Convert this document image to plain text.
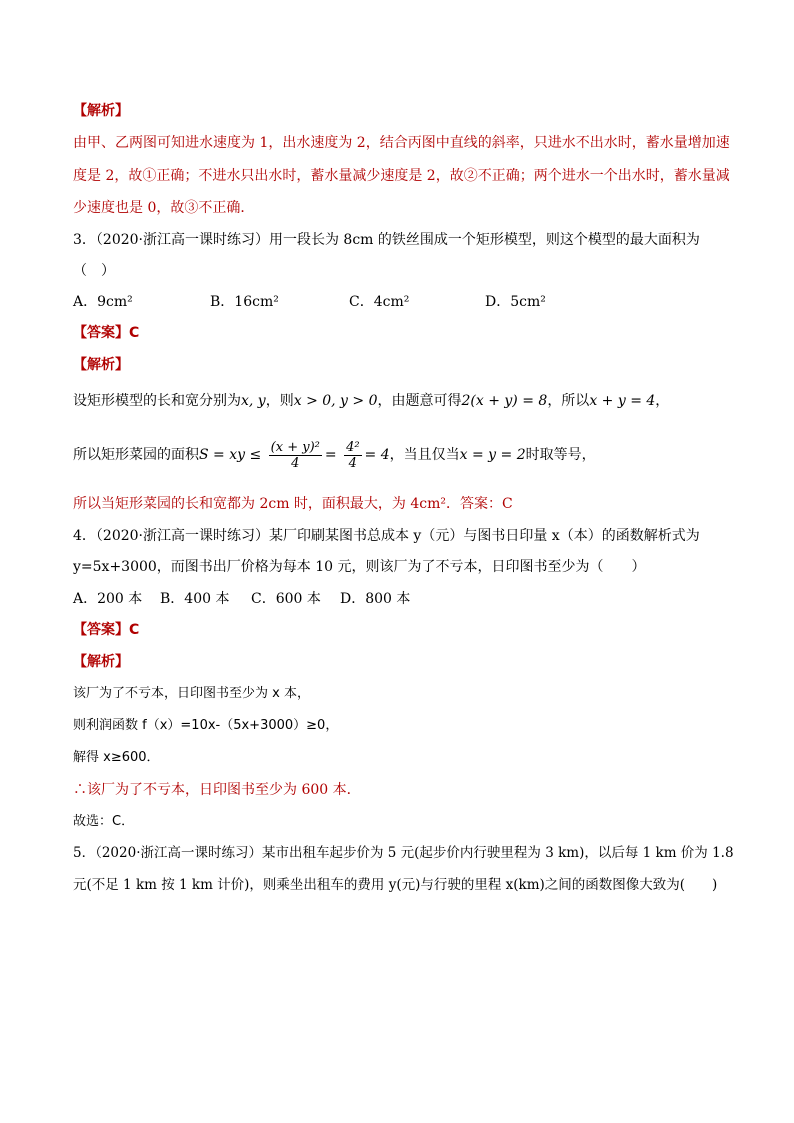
【解析】
由甲、乙两图可知进水速度为 1，出水速度为 2，结合丙图中直线的斜率，只进水不出水时，蓄水量增加速
度是 2，故①正确；不进水只出水时，蓄水量减少速度是 2，故②不正确；两个进水一个出水时，蓄水量减
少速度也是 0，故③不正确．
3．（2020·浙江高一课时练习）用一段长为 8cm 的铁丝围成一个矩形模型，则这个模型的最大面积为
（　）
A．9cm²	B．16cm²	C．4cm²	D．5cm²
【答案】C
【解析】
设矩形模型的长和宽分别为x, y，则x > 0, y > 0，由题意可得2(x + y) = 8，所以x + y = 4，
所以矩形菜园的面积S = xy ≤ $\frac{\text{(x + y)²}}{4} = \frac{\text{4²}}{4} = 4$，当且仅当x = y = 2时取等号，
所以当矩形菜园的长和宽都为 2cm 时，面积最大，为 4cm²．答案：C
4．（2020·浙江高一课时练习）某厂印刷某图书总成本 y（元）与图书日印量 x（本）的函数解析式为
y=5x+3000，而图书出厂价格为每本 10 元，则该厂为了不亏本，日印图书至少为（　　）
A．200 本 B．400 本 C．600 本 D．800 本
【答案】C
【解析】
该厂为了不亏本，日印图书至少为 x 本，
则利润函数 f（x）=10x-（5x+3000）≥0，
解得 x≥600．
∴该厂为了不亏本，日印图书至少为 600 本．
故选：C．
5．（2020·浙江高一课时练习）某市出租车起步价为 5 元(起步价内行驶里程为 3 km)，以后每 1 km 价为 1.8
元(不足 1 km 按 1 km 计价)，则乘坐出租车的费用 y(元)与行驶的里程 x(km)之间的函数图像大致为(　　)
